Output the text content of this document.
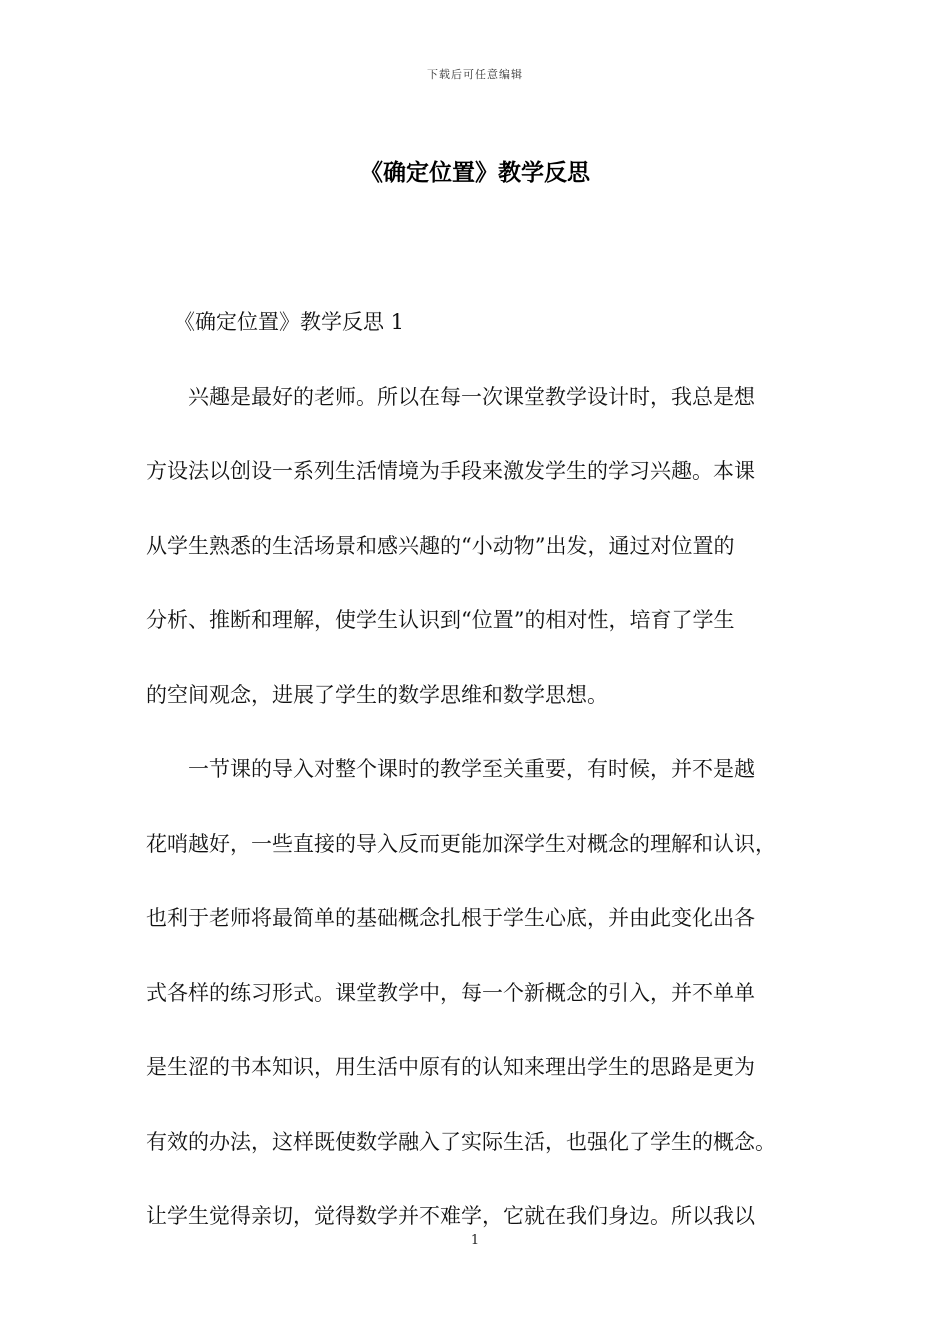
下载后可任意编辑
《确定位置》教学反思
《确定位置》教学反思 1
兴趣是最好的老师。所以在每一次课堂教学设计时，我总是想
方设法以创设一系列生活情境为手段来激发学生的学习兴趣。本课
从学生熟悉的生活场景和感兴趣的“小动物”出发，通过对位置的
分析、推断和理解，使学生认识到“位置”的相对性，培育了学生
的空间观念，进展了学生的数学思维和数学思想。
一节课的导入对整个课时的教学至关重要，有时候，并不是越
花哨越好，一些直接的导入反而更能加深学生对概念的理解和认识，
也利于老师将最简单的基础概念扎根于学生心底，并由此变化出各
式各样的练习形式。课堂教学中，每一个新概念的引入，并不单单
是生涩的书本知识，用生活中原有的认知来理出学生的思路是更为
有效的办法，这样既使数学融入了实际生活，也强化了学生的概念。
让学生觉得亲切，觉得数学并不难学，它就在我们身边。所以我以
1
